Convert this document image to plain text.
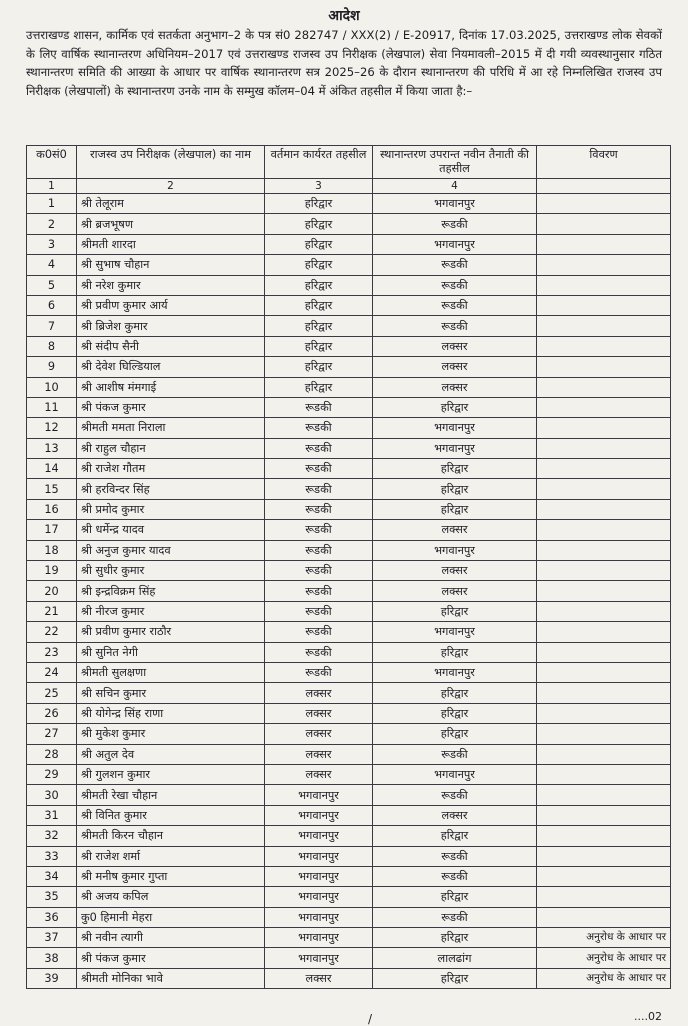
आदेश
उत्तराखण्ड शासन, कार्मिक एवं सतर्कता अनुभाग–2 के पत्र सं0 282747 / XXX(2) / E-20917, दिनांक 17.03.2025, उत्तराखण्ड लोक सेवकों के लिए वार्षिक स्थानान्तरण अधिनियम–2017 एवं उत्तराखण्ड राजस्व उप निरीक्षक (लेखपाल) सेवा नियमावली–2015 में दी गयी व्यवस्थानुसार गठित स्थानान्तरण समिति की आख्या के आधार पर वार्षिक स्थानान्तरण सत्र 2025–26 के दौरान स्थानान्तरण की परिधि में आ रहे निम्नलिखित राजस्व उप निरीक्षक (लेखपालों) के स्थानान्तरण उनके नाम के सम्मुख कॉलम–04 में अंकित तहसील में किया जाता है:–
क0सं0	राजस्व उप निरीक्षक (लेखपाल) का नाम	वर्तमान कार्यरत तहसील	स्थानान्तरण उपरान्त नवीन तैनाती की तहसील	विवरण
1	2	3	4	
1	श्री तेलूराम	हरिद्वार	भगवानपुर	
2	श्री ब्रजभूषण	हरिद्वार	रूडकी	
3	श्रीमती शारदा	हरिद्वार	भगवानपुर	
4	श्री सुभाष चौहान	हरिद्वार	रूडकी	
5	श्री नरेश कुमार	हरिद्वार	रूडकी	
6	श्री प्रवीण कुमार आर्य	हरिद्वार	रूडकी	
7	श्री ब्रिजेश कुमार	हरिद्वार	रूडकी	
8	श्री संदीप सैनी	हरिद्वार	लक्सर	
9	श्री देवेश घिल्डियाल	हरिद्वार	लक्सर	
10	श्री आशीष मंमगाई	हरिद्वार	लक्सर	
11	श्री पंकज कुमार	रूडकी	हरिद्वार	
12	श्रीमती ममता निराला	रूडकी	भगवानपुर	
13	श्री राहुल चौहान	रूडकी	भगवानपुर	
14	श्री राजेश गौतम	रूडकी	हरिद्वार	
15	श्री हरविन्दर सिंह	रूडकी	हरिद्वार	
16	श्री प्रमोद कुमार	रूडकी	हरिद्वार	
17	श्री धर्मेन्द्र यादव	रूडकी	लक्सर	
18	श्री अनुज कुमार यादव	रूडकी	भगवानपुर	
19	श्री सुधीर कुमार	रूडकी	लक्सर	
20	श्री इन्द्रविक्रम सिंह	रूडकी	लक्सर	
21	श्री नीरज कुमार	रूडकी	हरिद्वार	
22	श्री प्रवीण कुमार राठौर	रूडकी	भगवानपुर	
23	श्री सुनित नेगी	रूडकी	हरिद्वार	
24	श्रीमती सुलक्षणा	रूडकी	भगवानपुर	
25	श्री सचिन कुमार	लक्सर	हरिद्वार	
26	श्री योगेन्द्र सिंह राणा	लक्सर	हरिद्वार	
27	श्री मुकेश कुमार	लक्सर	हरिद्वार	
28	श्री अतुल देव	लक्सर	रूडकी	
29	श्री गुलशन कुमार	लक्सर	भगवानपुर	
30	श्रीमती रेखा चौहान	भगवानपुर	रूडकी	
31	श्री विनित कुमार	भगवानपुर	लक्सर	
32	श्रीमती किरन चौहान	भगवानपुर	हरिद्वार	
33	श्री राजेश शर्मा	भगवानपुर	रूडकी	
34	श्री मनीष कुमार गुप्ता	भगवानपुर	रूडकी	
35	श्री अजय कपिल	भगवानपुर	हरिद्वार	
36	कु0 हिमानी मेहरा	भगवानपुर	रूडकी	
37	श्री नवीन त्यागी	भगवानपुर	हरिद्वार	अनुरोध के आधार पर
38	श्री पंकज कुमार	भगवानपुर	लालढांग	अनुरोध के आधार पर
39	श्रीमती मोनिका भावे	लक्सर	हरिद्वार	अनुरोध के आधार पर
/	....02
